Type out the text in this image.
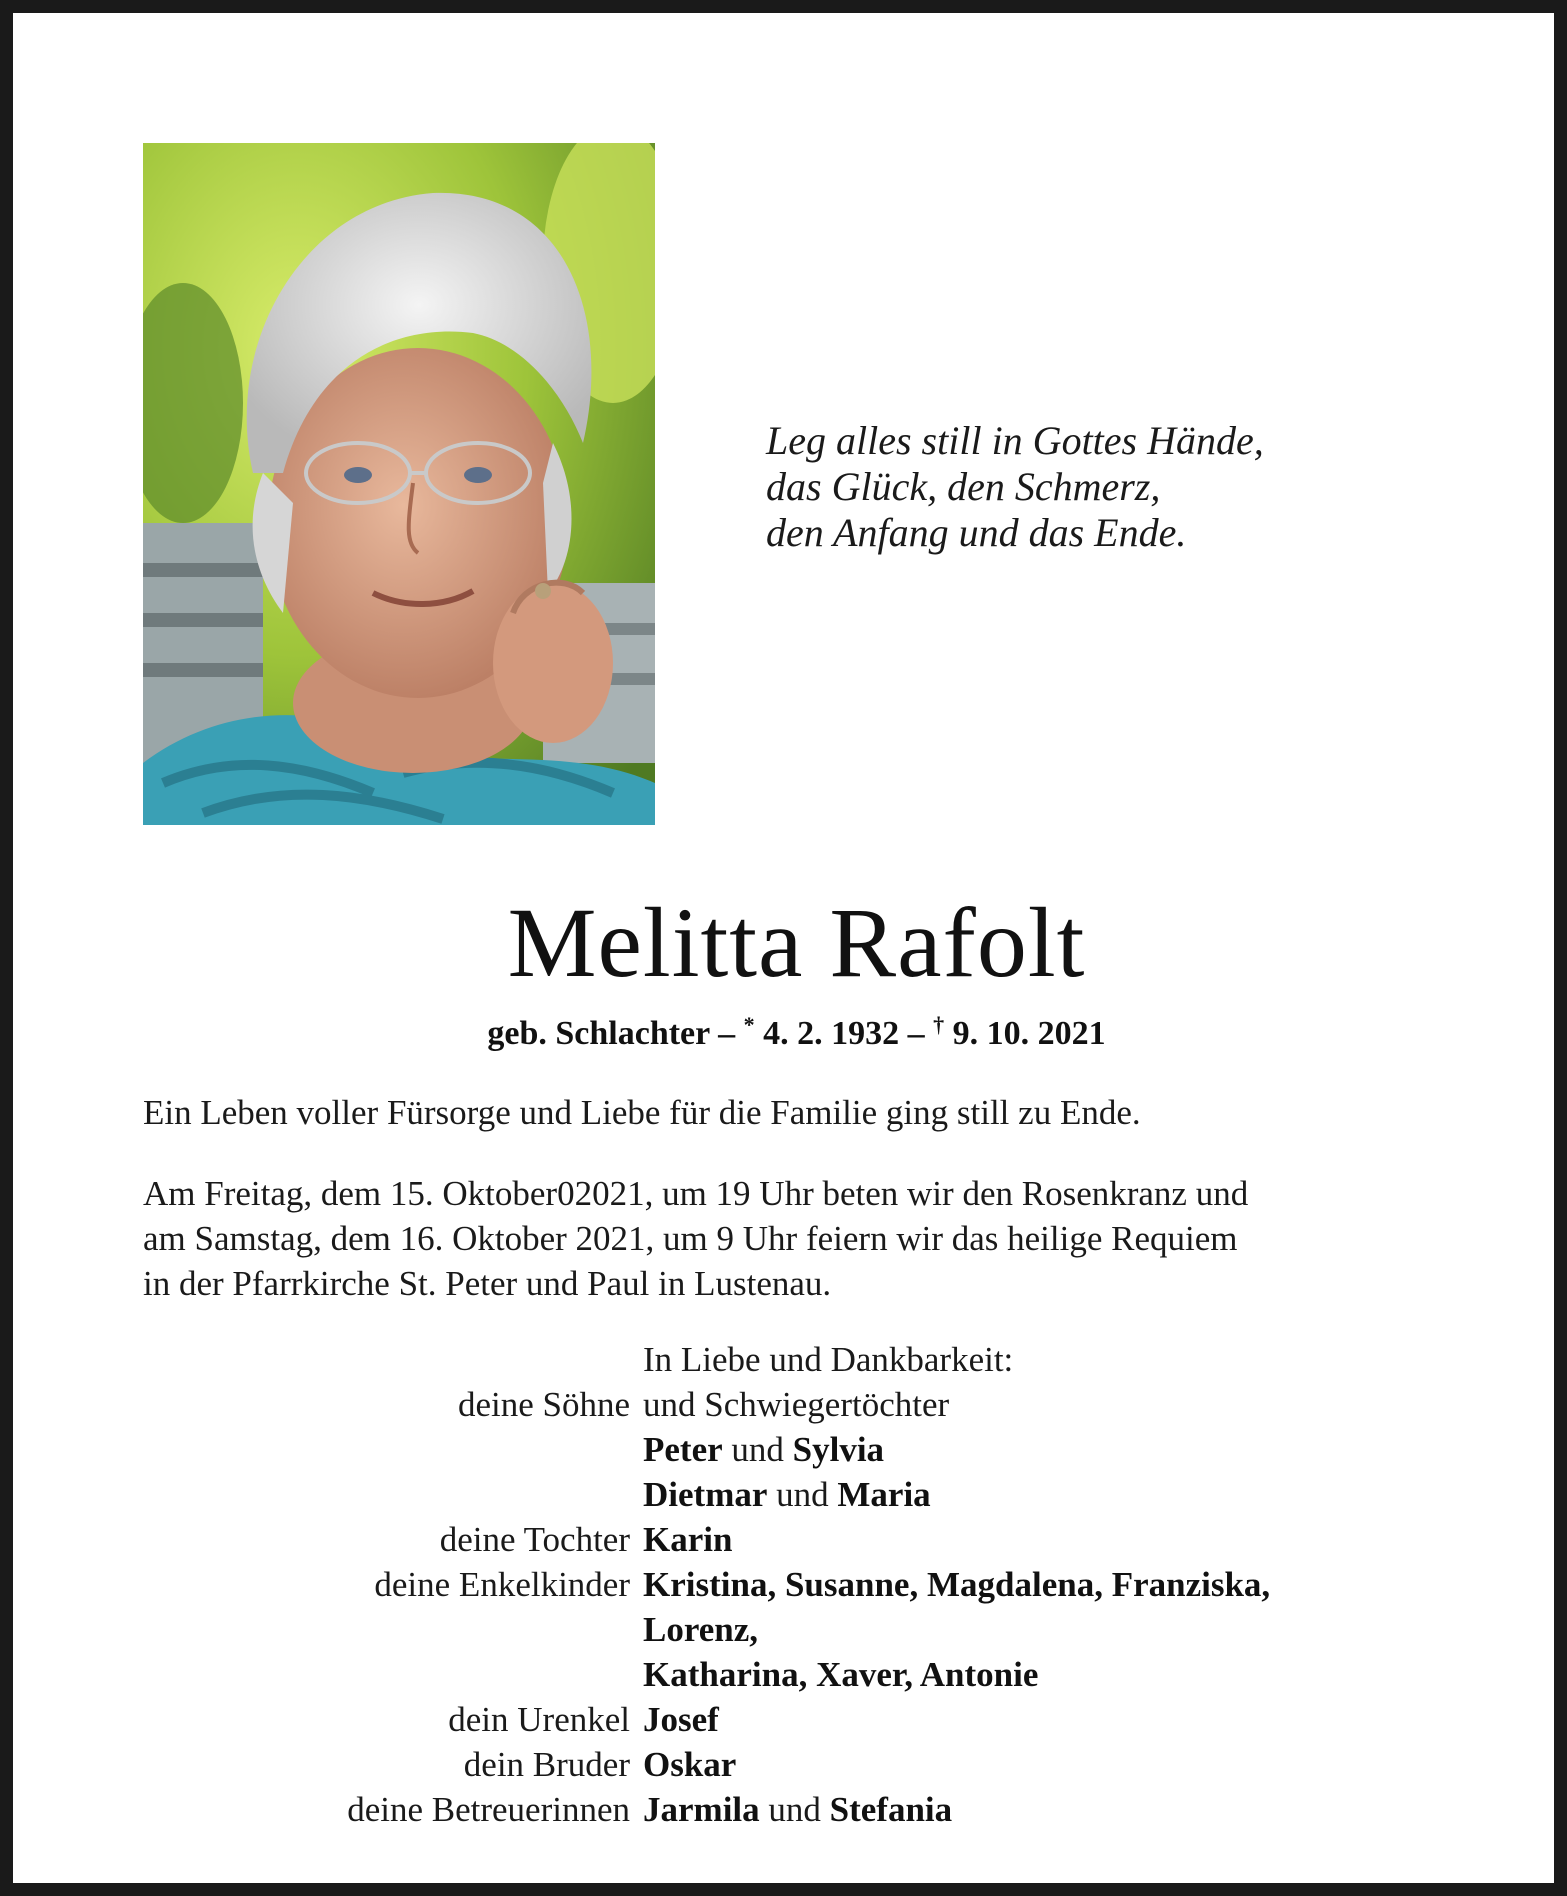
Leg alles still in Gottes Hände,
das Glück, den Schmerz,
den Anfang und das Ende.
Melitta Rafolt
geb. Schlachter – * 4. 2. 1932 – † 9. 10. 2021
Ein Leben voller Fürsorge und Liebe für die Familie ging still zu Ende.
Am Freitag, dem 15. Oktober02021, um 19 Uhr beten wir den Rosenkranz und
am Samstag, dem 16. Oktober 2021, um 9 Uhr feiern wir das heilige Requiem
in der Pfarrkirche St. Peter und Paul in Lustenau.
In Liebe und Dankbarkeit:
deine Söhne und Schwiegertöchter
Peter und Sylvia
Dietmar und Maria
deine Tochter Karin
deine Enkelkinder Kristina, Susanne, Magdalena, Franziska,
Lorenz,
Katharina, Xaver, Antonie
dein Urenkel Josef
dein Bruder Oskar
deine Betreuerinnen Jarmila und Stefania
